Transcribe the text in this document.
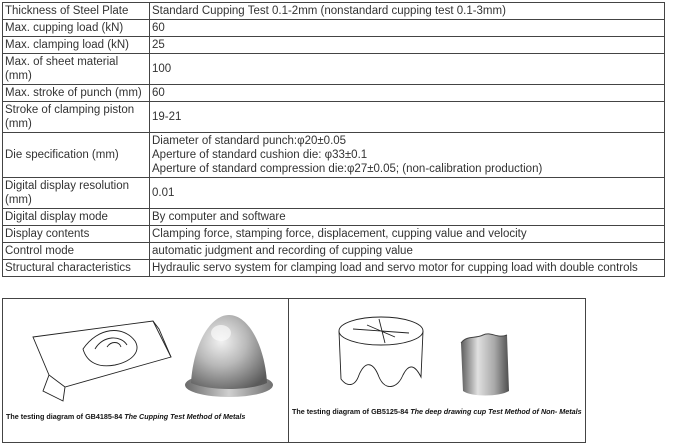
Thickness of Steel Plate	Standard Cupping Test 0.1-2mm (nonstandard cupping test 0.1-3mm)

Max. cupping load (kN)	60

Max. clamping load (kN)	25

Max. of sheet material (mm)	100

Max. stroke of punch (mm)	60

Stroke of clamping piston (mm)	19-21

Die specification (mm)	Diameter of standard punch:φ20±0.05
Aperture of standard cushion die: φ33±0.1
Aperture of standard compression die:φ27±0.05; (non-calibration production)

Digital display resolution (mm)	0.01

Digital display mode	By computer and software

Display contents	Clamping force, stamping force, displacement, cupping value and velocity

Control mode	automatic judgment and recording of cupping value

Structural characteristics	Hydraulic servo system for clamping load and servo motor for cupping load with double controls
The testing diagram of GB4185-84 The Cupping Test Method of Metals
The testing diagram of GB5125-84 The deep drawing cup Test Method of Non- Metals
